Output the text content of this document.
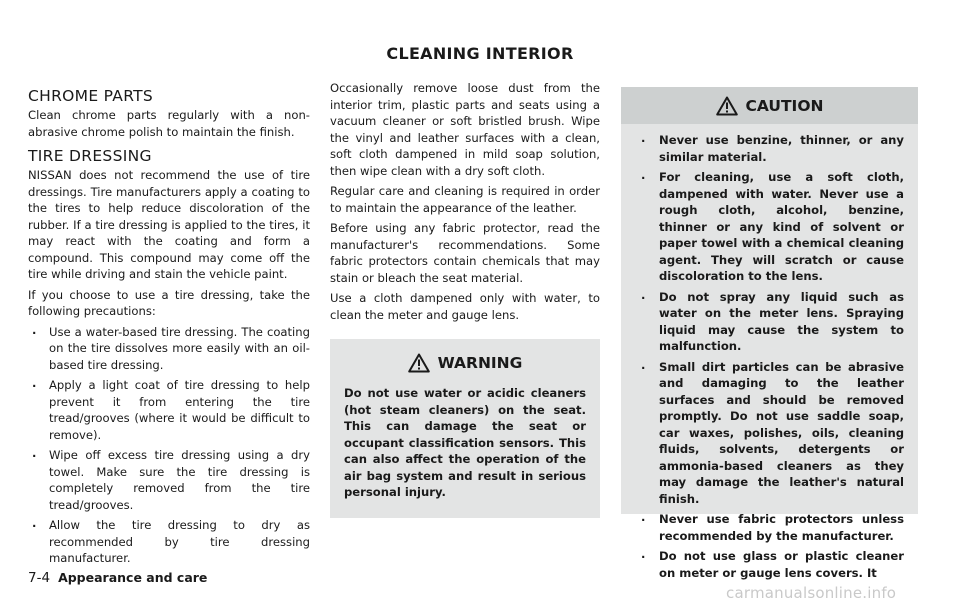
CLEANING INTERIOR
CHROME PARTS

Clean chrome parts regularly with a non-abrasive chrome polish to maintain the finish.

TIRE DRESSING

NISSAN does not recommend the use of tire dressings. Tire manufacturers apply a coating to the tires to help reduce discoloration of the rubber. If a tire dressing is applied to the tires, it may react with the coating and form a compound. This compound may come off the tire while driving and stain the vehicle paint.

If you choose to use a tire dressing, take the following precautions:

. Use a water-based tire dressing. The coating on the tire dissolves more easily with an oil-based tire dressing.
. Apply a light coat of tire dressing to help prevent it from entering the tire tread/grooves (where it would be difficult to remove).
. Wipe off excess tire dressing using a dry towel. Make sure the tire dressing is completely removed from the tire tread/grooves.
. Allow the tire dressing to dry as recommended by tire dressing manufacturer.

Occasionally remove loose dust from the interior trim, plastic parts and seats using a vacuum cleaner or soft bristled brush. Wipe the vinyl and leather surfaces with a clean, soft cloth dampened in mild soap solution, then wipe clean with a dry soft cloth.

Regular care and cleaning is required in order to maintain the appearance of the leather.

Before using any fabric protector, read the manufacturer's recommendations. Some fabric protectors contain chemicals that may stain or bleach the seat material.

Use a cloth dampened only with water, to clean the meter and gauge lens.

WARNING

Do not use water or acidic cleaners (hot steam cleaners) on the seat. This can damage the seat or occupant classification sensors. This can also affect the operation of the air bag system and result in serious personal injury.

CAUTION
. Never use benzine, thinner, or any similar material.
. For cleaning, use a soft cloth, dampened with water. Never use a rough cloth, alcohol, benzine, thinner or any kind of solvent or paper towel with a chemical cleaning agent. They will scratch or cause discoloration to the lens.
. Do not spray any liquid such as water on the meter lens. Spraying liquid may cause the system to malfunction.
. Small dirt particles can be abrasive and damaging to the leather surfaces and should be removed promptly. Do not use saddle soap, car waxes, polishes, oils, cleaning fluids, solvents, detergents or ammonia-based cleaners as they may damage the leather's natural finish.
. Never use fabric protectors unless recommended by the manufacturer.
. Do not use glass or plastic cleaner on meter or gauge lens covers. It
7-4 Appearance and care
carmanualsonline.info
